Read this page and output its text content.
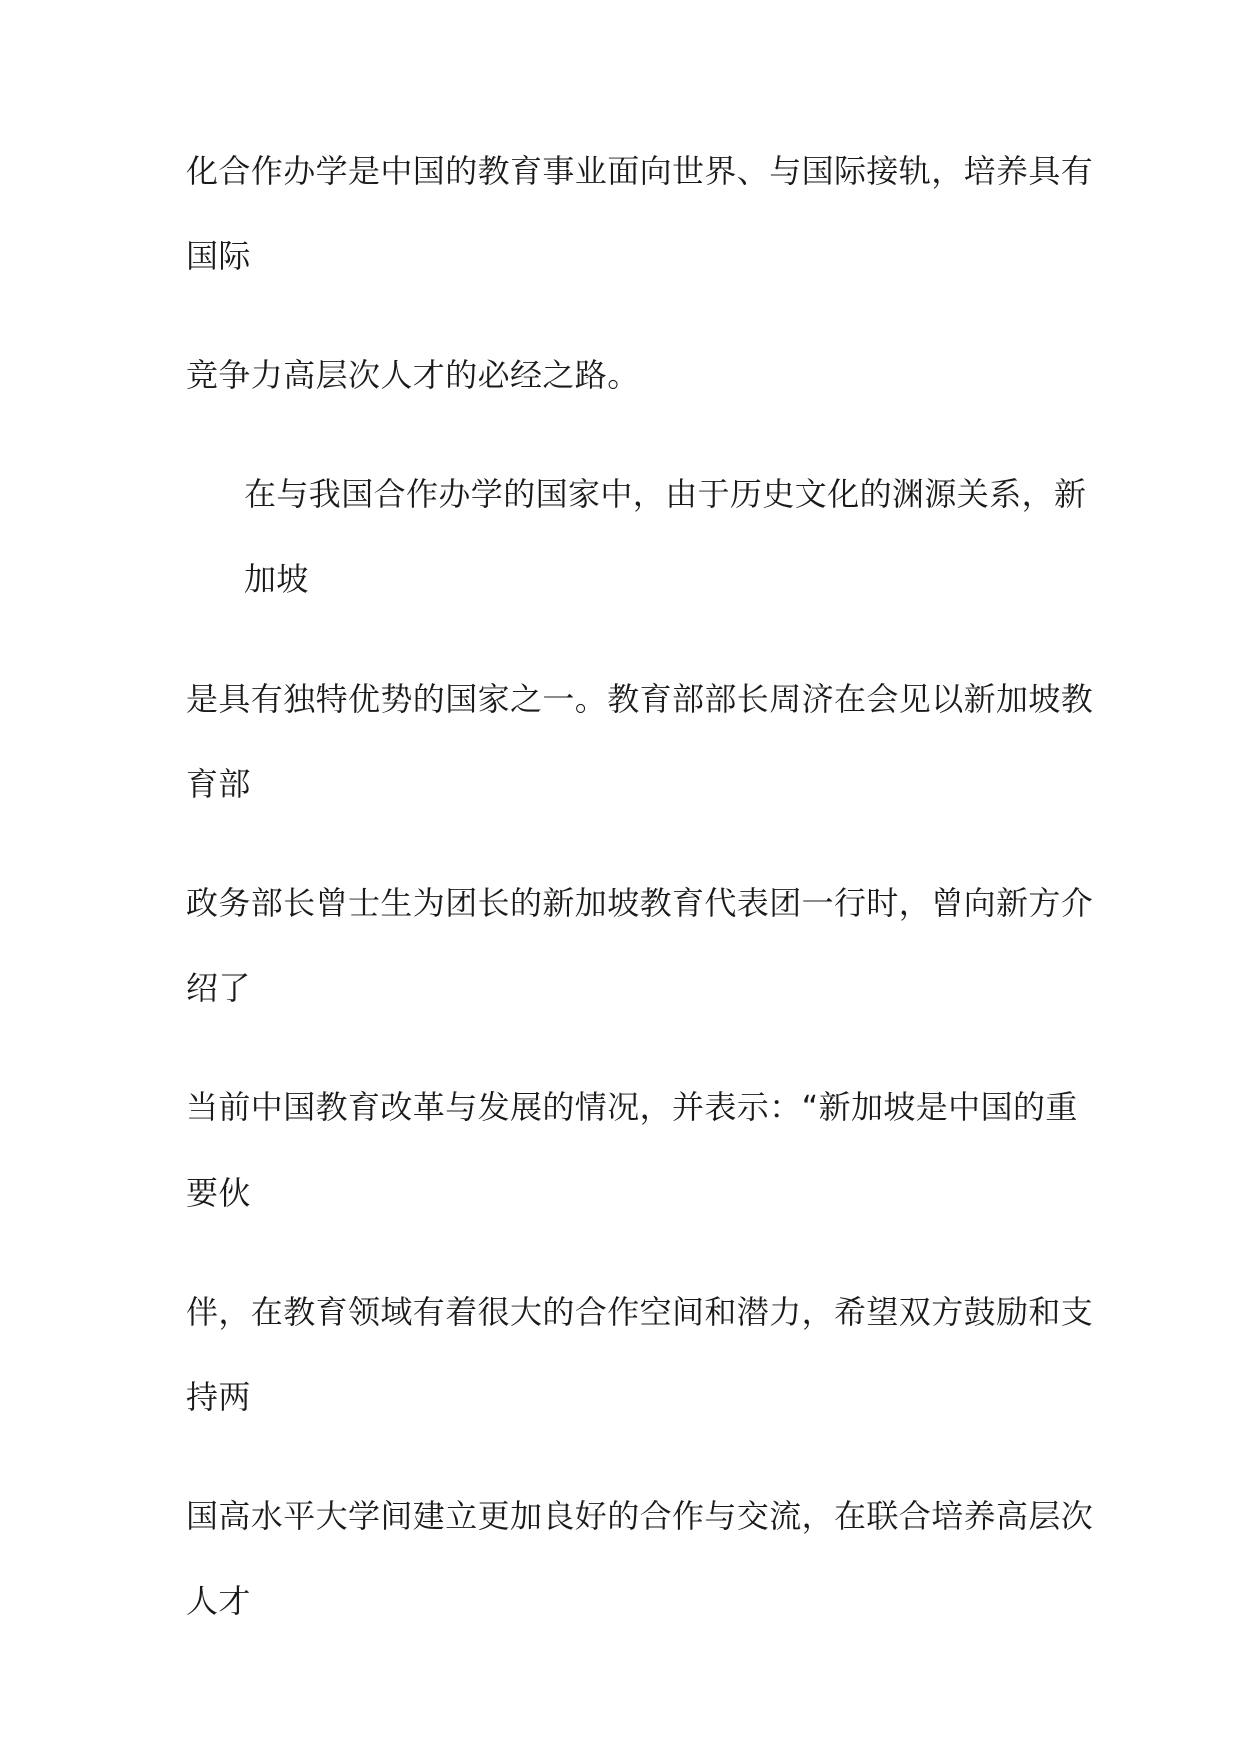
化合作办学是中国的教育事业面向世界、与国际接轨，培养具有
国际
竞争力高层次人才的必经之路。
在与我国合作办学的国家中，由于历史文化的渊源关系，新
加坡
是具有独特优势的国家之一。教育部部长周济在会见以新加坡教
育部
政务部长曾士生为团长的新加坡教育代表团一行时，曾向新方介
绍了
当前中国教育改革与发展的情况，并表示：“新加坡是中国的重
要伙
伴，在教育领域有着很大的合作空间和潜力，希望双方鼓励和支
持两
国高水平大学间建立更加良好的合作与交流，在联合培养高层次
人才
